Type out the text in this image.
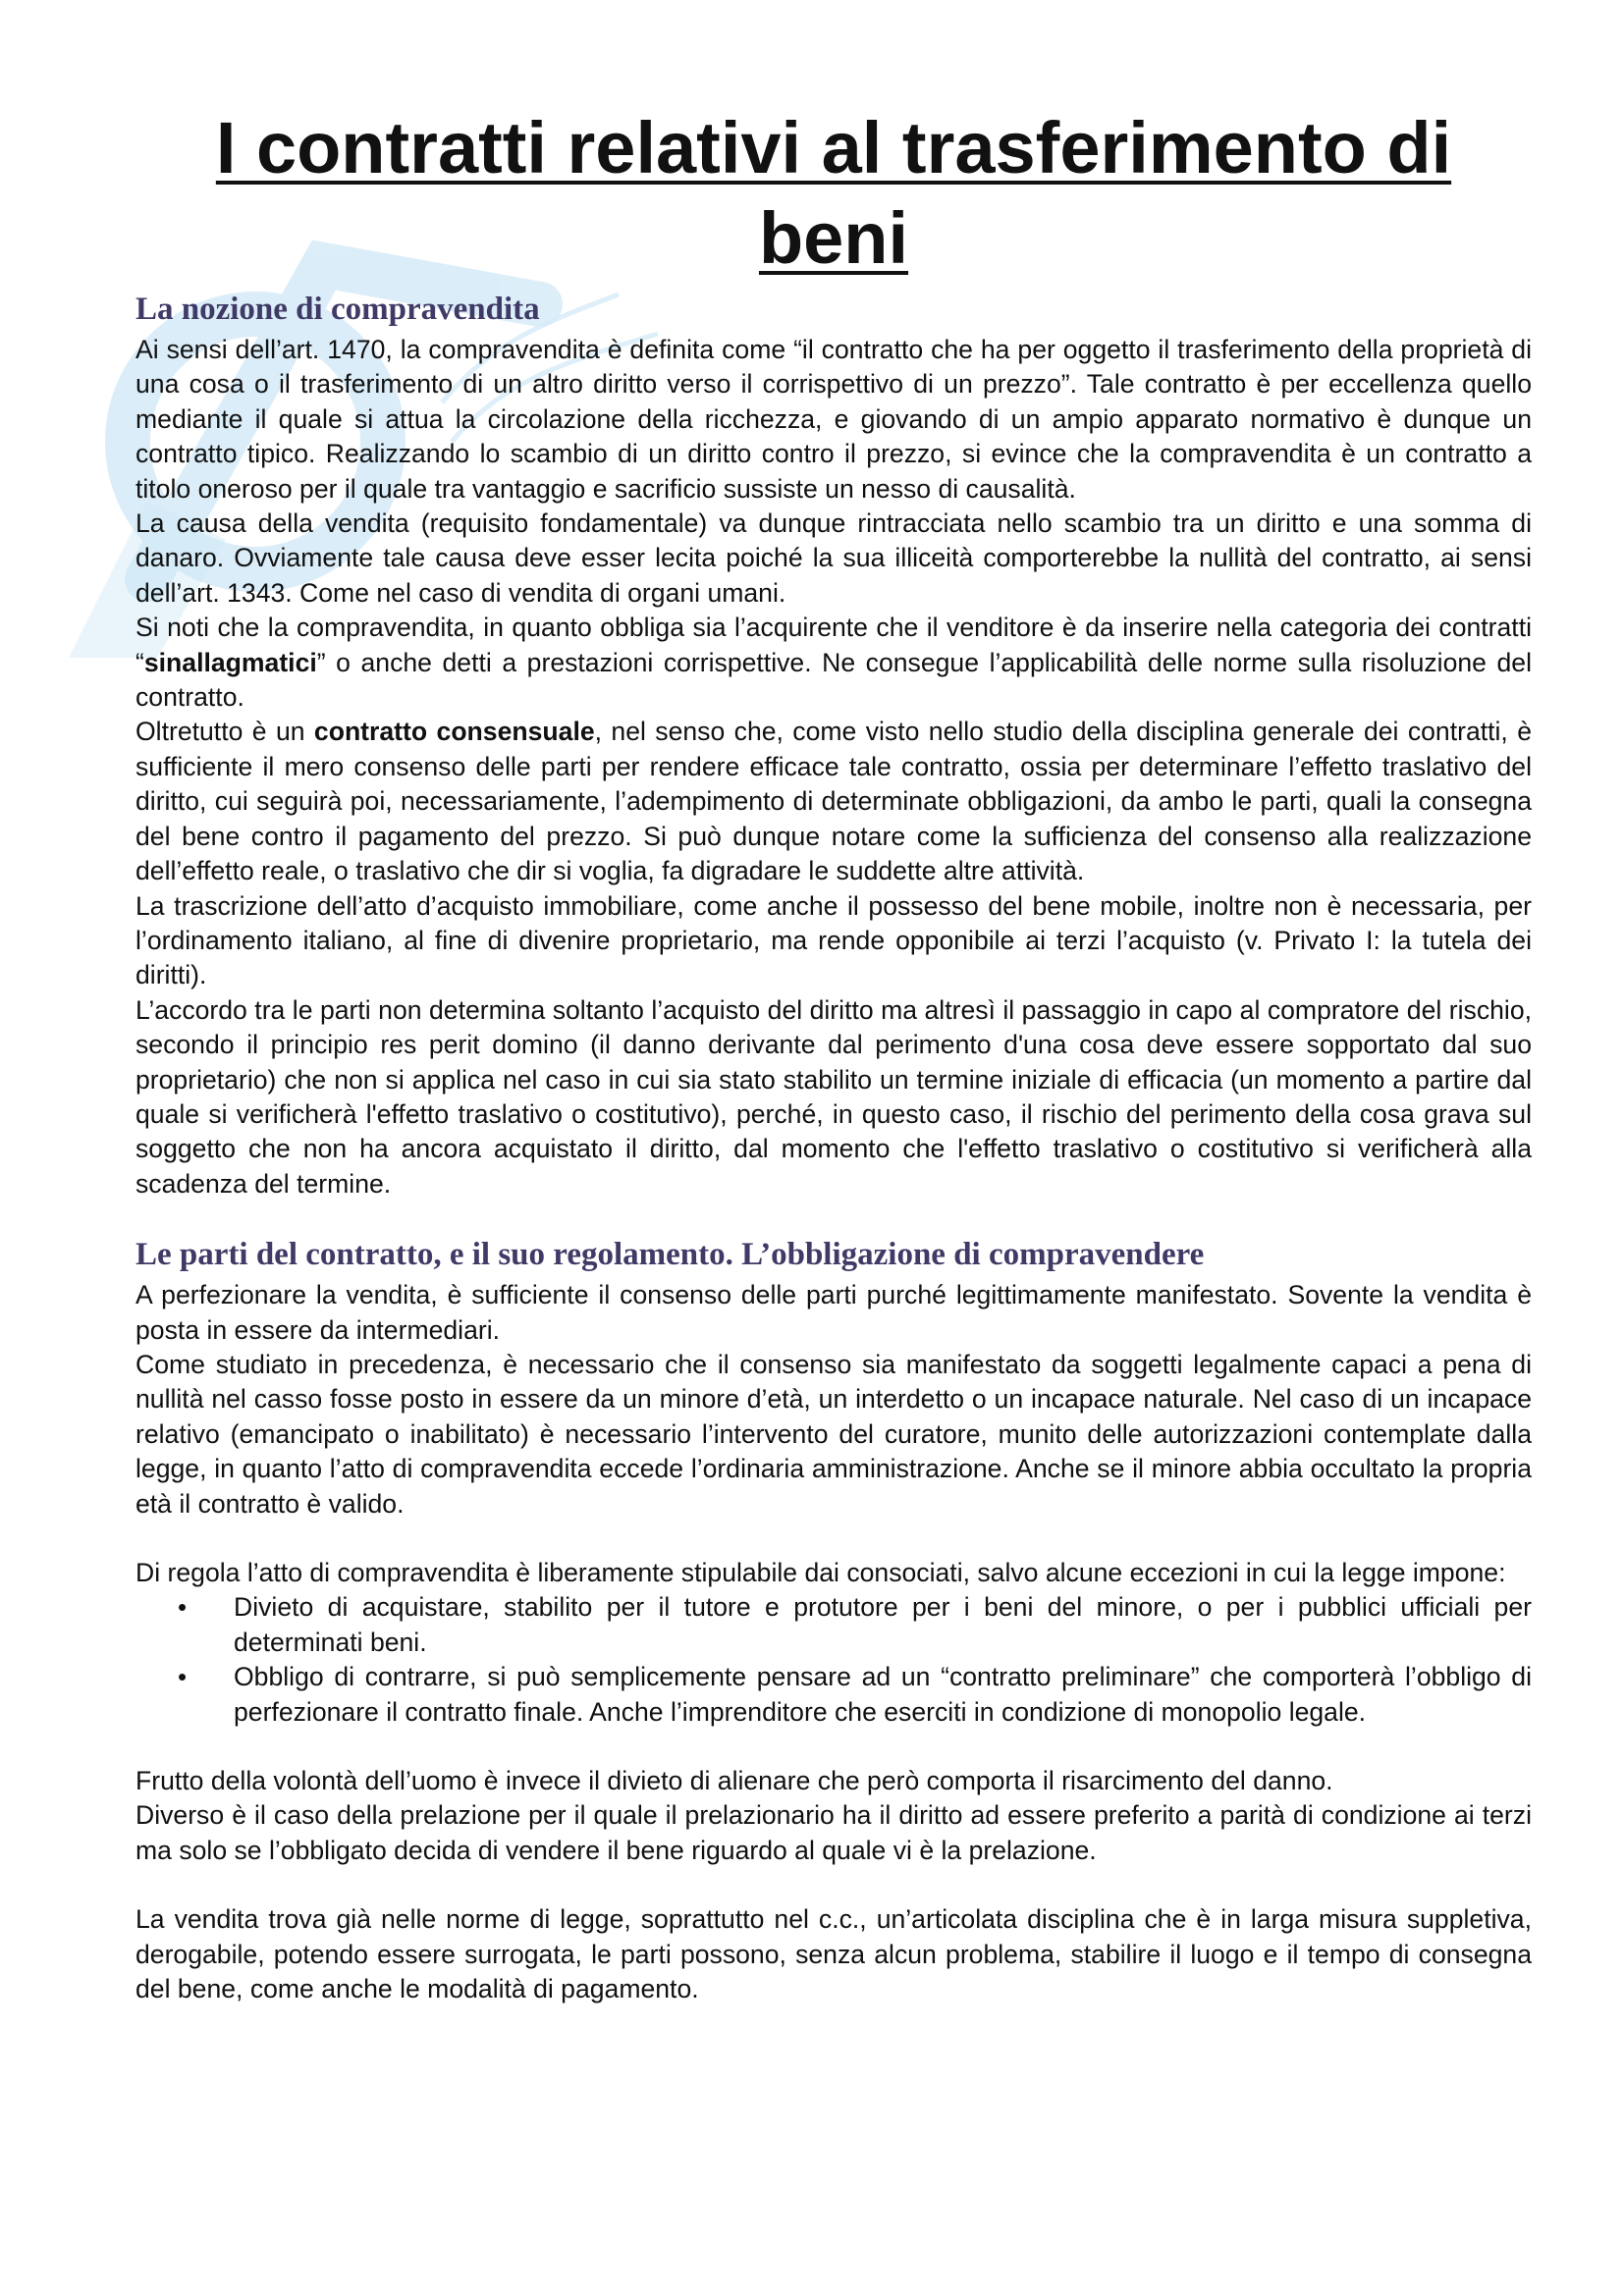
I contratti relativi al trasferimento di beni
La nozione di compravendita

Ai sensi dell’art. 1470, la compravendita è definita come “il contratto che ha per oggetto il trasferimento della proprietà di una cosa o il trasferimento di un altro diritto verso il corrispettivo di un prezzo”. Tale contratto è per eccellenza quello mediante il quale si attua la circolazione della ricchezza, e giovando di un ampio apparato normativo è dunque un contratto tipico. Realizzando lo scambio di un diritto contro il prezzo, si evince che la compravendita è un contratto a titolo oneroso per il quale tra vantaggio e sacrificio sussiste un nesso di causalità.

La causa della vendita (requisito fondamentale) va dunque rintracciata nello scambio tra un diritto e una somma di danaro. Ovviamente tale causa deve esser lecita poiché la sua illiceità comporterebbe la nullità del contratto, ai sensi dell’art. 1343. Come nel caso di vendita di organi umani.

Si noti che la compravendita, in quanto obbliga sia l’acquirente che il venditore è da inserire nella categoria dei contratti “sinallagmatici” o anche detti a prestazioni corrispettive. Ne consegue l’applicabilità delle norme sulla risoluzione del contratto.

Oltretutto è un contratto consensuale, nel senso che, come visto nello studio della disciplina generale dei contratti, è sufficiente il mero consenso delle parti per rendere efficace tale contratto, ossia per determinare l’effetto traslativo del diritto, cui seguirà poi, necessariamente, l’adempimento di determinate obbligazioni, da ambo le parti, quali la consegna del bene contro il pagamento del prezzo. Si può dunque notare come la sufficienza del consenso alla realizzazione dell’effetto reale, o traslativo che dir si voglia, fa digradare le suddette altre attività.

La trascrizione dell’atto d’acquisto immobiliare, come anche il possesso del bene mobile, inoltre non è necessaria, per l’ordinamento italiano, al fine di divenire proprietario, ma rende opponibile ai terzi l’acquisto (v. Privato I: la tutela dei diritti).

L’accordo tra le parti non determina soltanto l’acquisto del diritto ma altresì il passaggio in capo al compratore del rischio, secondo il principio res perit domino (il danno derivante dal perimento d'una cosa deve essere sopportato dal suo proprietario) che non si applica nel caso in cui sia stato stabilito un termine iniziale di efficacia (un momento a partire dal quale si verificherà l'effetto traslativo o costitutivo), perché, in questo caso, il rischio del perimento della cosa grava sul soggetto che non ha ancora acquistato il diritto, dal momento che l'effetto traslativo o costitutivo si verificherà alla scadenza del termine.

Le parti del contratto, e il suo regolamento. L’obbligazione di compravendere

A perfezionare la vendita, è sufficiente il consenso delle parti purché legittimamente manifestato. Sovente la vendita è posta in essere da intermediari.

Come studiato in precedenza, è necessario che il consenso sia manifestato da soggetti legalmente capaci a pena di nullità nel casso fosse posto in essere da un minore d’età, un interdetto o un incapace naturale. Nel caso di un incapace relativo (emancipato o inabilitato) è necessario l’intervento del curatore, munito delle autorizzazioni contemplate dalla legge, in quanto l’atto di compravendita eccede l’ordinaria amministrazione. Anche se il minore abbia occultato la propria età il contratto è valido.

Di regola l’atto di compravendita è liberamente stipulabile dai consociati, salvo alcune eccezioni in cui la legge impone:

• Divieto di acquistare, stabilito per il tutore e protutore per i beni del minore, o per i pubblici ufficiali per determinati beni.
• Obbligo di contrarre, si può semplicemente pensare ad un “contratto preliminare” che comporterà l’obbligo di perfezionare il contratto finale. Anche l’imprenditore che eserciti in condizione di monopolio legale.

Frutto della volontà dell’uomo è invece il divieto di alienare che però comporta il risarcimento del danno.

Diverso è il caso della prelazione per il quale il prelazionario ha il diritto ad essere preferito a parità di condizione ai terzi ma solo se l’obbligato decida di vendere il bene riguardo al quale vi è la prelazione.

La vendita trova già nelle norme di legge, soprattutto nel c.c., un’articolata disciplina che è in larga misura suppletiva, derogabile, potendo essere surrogata, le parti possono, senza alcun problema, stabilire il luogo e il tempo di consegna del bene, come anche le modalità di pagamento.
